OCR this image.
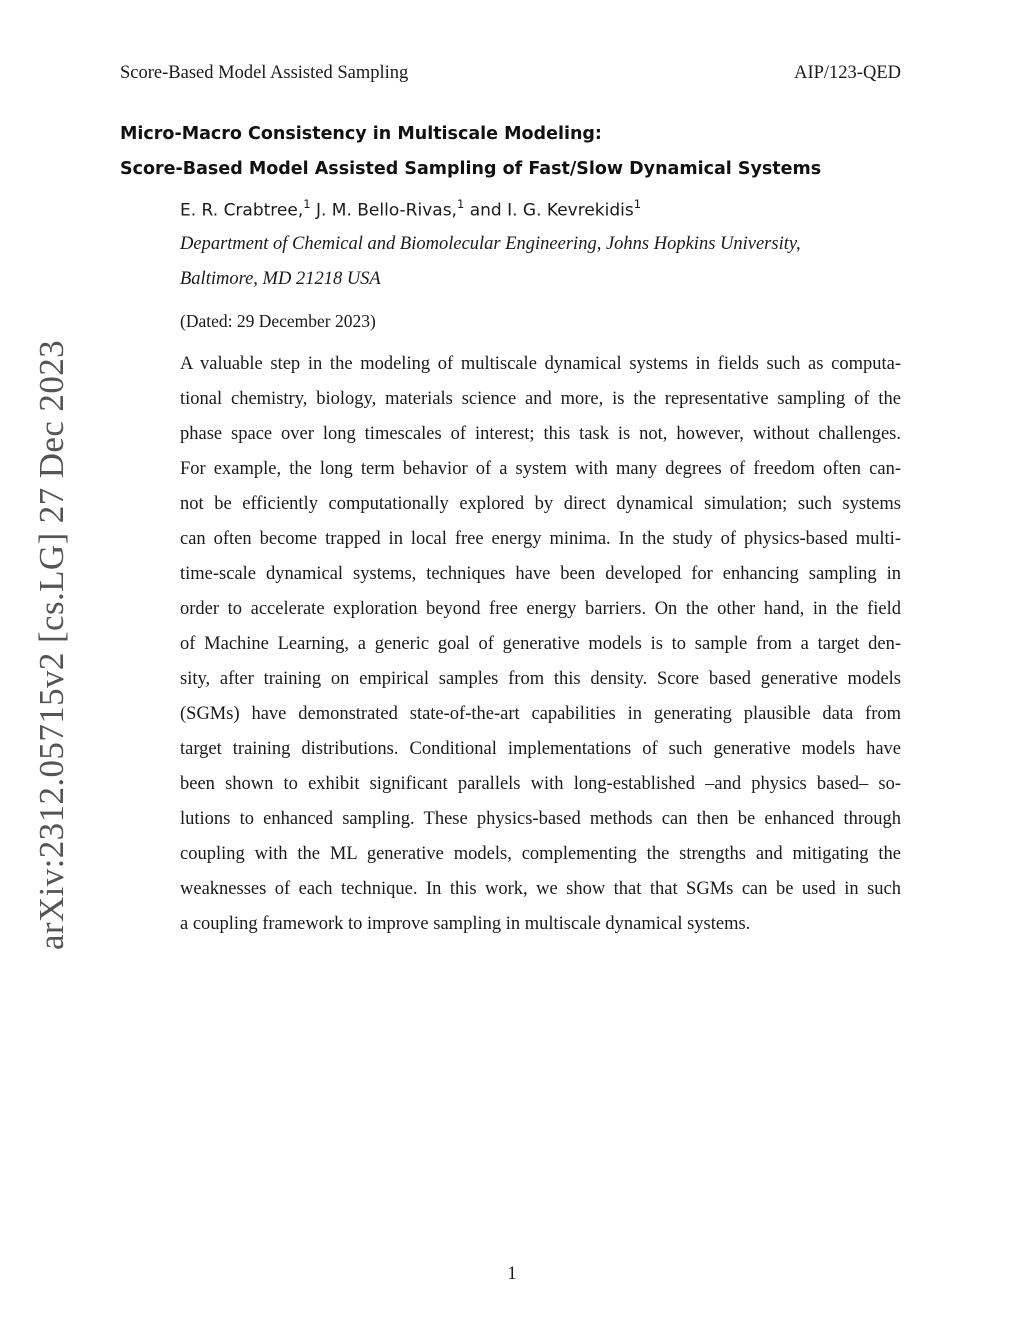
Score-Based Model Assisted Sampling	AIP/123-QED
arXiv:2312.05715v2 [cs.LG] 27 Dec 2023
Micro-Macro Consistency in Multiscale Modeling:
Score-Based Model Assisted Sampling of Fast/Slow Dynamical Systems
E. R. Crabtree,$^1$ J. M. Bello-Rivas,$^1$ and I. G. Kevrekidis$^1$
Department of Chemical and Biomolecular Engineering, Johns Hopkins University,
Baltimore, MD 21218 USA
(Dated: 29 December 2023)
A valuable step in the modeling of multiscale dynamical systems in fields such as computa-
tional chemistry, biology, materials science and more, is the representative sampling of the
phase space over long timescales of interest; this task is not, however, without challenges.
For example, the long term behavior of a system with many degrees of freedom often can-
not be efficiently computationally explored by direct dynamical simulation; such systems
can often become trapped in local free energy minima. In the study of physics-based multi-
time-scale dynamical systems, techniques have been developed for enhancing sampling in
order to accelerate exploration beyond free energy barriers. On the other hand, in the field
of Machine Learning, a generic goal of generative models is to sample from a target den-
sity, after training on empirical samples from this density. Score based generative models
(SGMs) have demonstrated state-of-the-art capabilities in generating plausible data from
target training distributions. Conditional implementations of such generative models have
been shown to exhibit significant parallels with long-established –and physics based– so-
lutions to enhanced sampling. These physics-based methods can then be enhanced through
coupling with the ML generative models, complementing the strengths and mitigating the
weaknesses of each technique. In this work, we show that that SGMs can be used in such
a coupling framework to improve sampling in multiscale dynamical systems.
1
